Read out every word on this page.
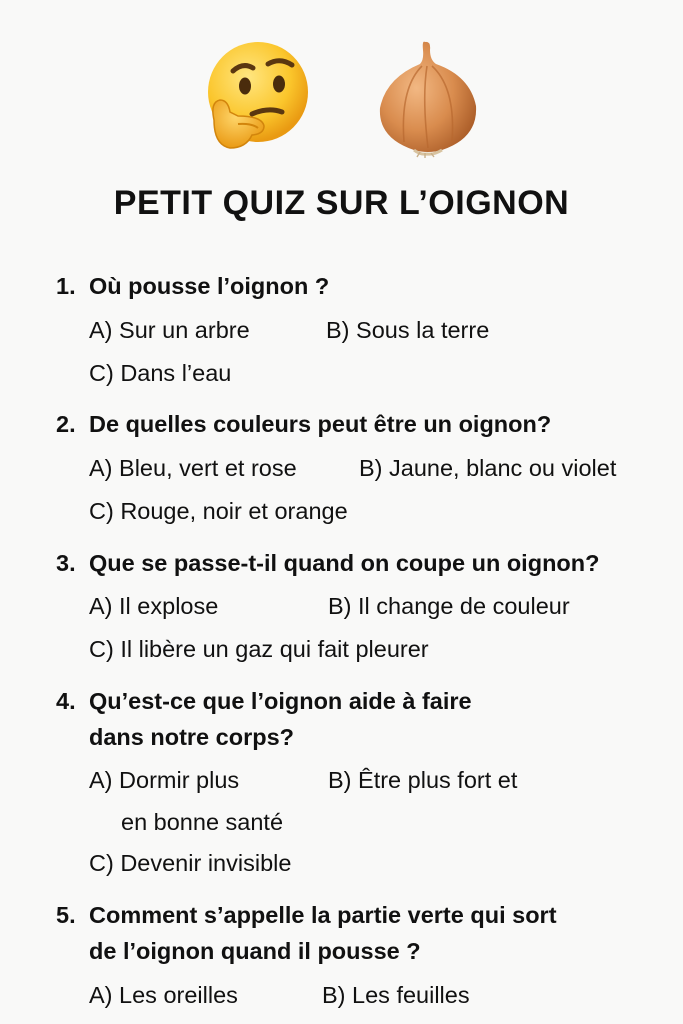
PETIT QUIZ SUR L’OIGNON
1. Où pousse l’oignon ?
A) Sur un arbre	B) Sous la terre
C) Dans l’eau
2. De quelles couleurs peut être un oignon?
A) Bleu, vert et rose	B) Jaune, blanc ou violet
C) Rouge, noir et orange
3. Que se passe-t-il quand on coupe un oignon?
A) Il explose	B) Il change de couleur
C) Il libère un gaz qui fait pleurer
4. Qu’est-ce que l’oignon aide à faire
dans notre corps?
A) Dormir plus	B) Être plus fort et
en bonne santé
C) Devenir invisible
5. Comment s’appelle la partie verte qui sort
de l’oignon quand il pousse ?
A) Les oreilles	B) Les feuilles
